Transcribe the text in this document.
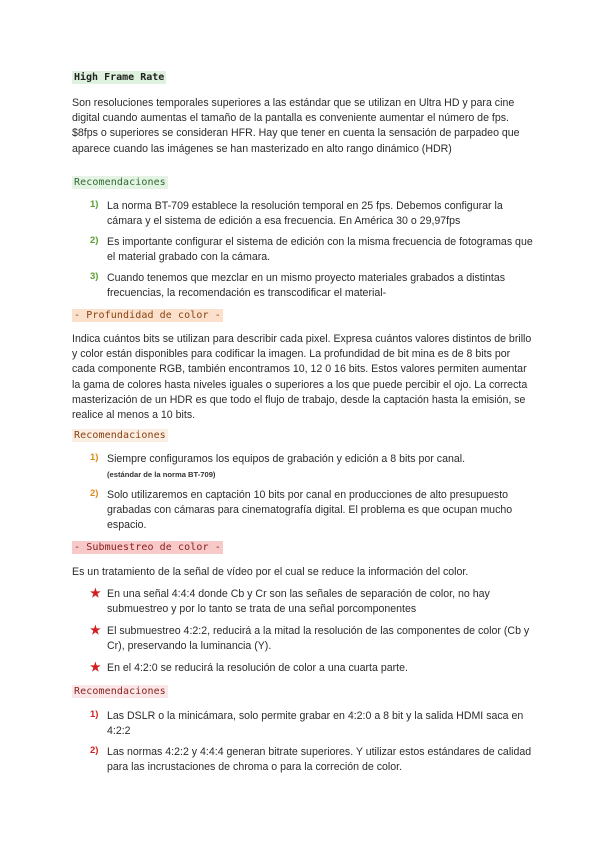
High Frame Rate

Son resoluciones temporales superiores a las estándar que se utilizan en Ultra HD y para cine digital cuando aumentas el tamaño de la pantalla es conveniente aumentar el número de fps. $8fps o superiores se consideran HFR. Hay que tener en cuenta la sensación de parpadeo que aparece cuando las imágenes se han masterizado en alto rango dinámico (HDR)

Recomendaciones
1) La norma BT-709 establece la resolución temporal en 25 fps. Debemos configurar la cámara y el sistema de edición a esa frecuencia. En América 30 o 29,97fps
2) Es importante configurar el sistema de edición con la misma frecuencia de fotogramas que el material grabado con la cámara.
3) Cuando tenemos que mezclar en un mismo proyecto materiales grabados a distintas frecuencias, la recomendación es transcodificar el material-
- Profundidad de color -

Indica cuántos bits se utilizan para describir cada pixel. Expresa cuántos valores distintos de brillo y color están disponibles para codificar la imagen. La profundidad de bit mina es de 8 bits por cada componente RGB, también encontramos 10, 12 0 16 bits. Estos valores permiten aumentar la gama de colores hasta niveles iguales o superiores a los que puede percibir el ojo. La correcta masterización de un HDR es que todo el flujo de trabajo, desde la captación hasta la emisión, se realice al menos a 10 bits.

Recomendaciones
1) Siempre configuramos los equipos de grabación y edición a 8 bits por canal.
(estándar de la norma BT-709)
2) Solo utilizaremos en captación 10 bits por canal en producciones de alto presupuesto grabadas con cámaras para cinematografía digital. El problema es que ocupan mucho espacio.
- Submuestreo de color -

Es un tratamiento de la señal de vídeo por el cual se reduce la información del color.

★ En una señal 4:4:4 donde Cb y Cr son las señales de separación de color, no hay submuestreo y por lo tanto se trata de una señal porcomponentes
★ El submuestreo 4:2:2, reducirá a la mitad la resolución de las componentes de color (Cb y Cr), preservando la luminancia (Y).
★ En el 4:2:0 se reducirá la resolución de color a una cuarta parte.
Recomendaciones
1) Las DSLR o la minicámara, solo permite grabar en 4:2:0 a 8 bit y la salida HDMI saca en 4:2:2
2) Las normas 4:2:2 y 4:4:4 generan bitrate superiores. Y utilizar estos estándares de calidad para las incrustaciones de chroma o para la correción de color.
